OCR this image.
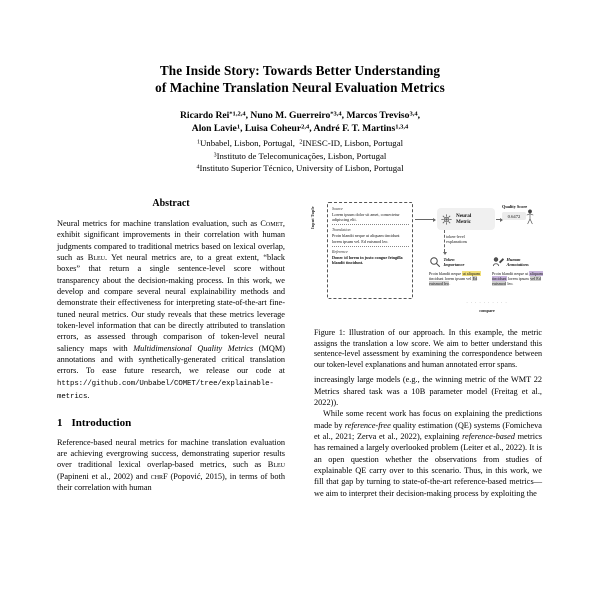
The Inside Story: Towards Better Understanding
of Machine Translation Neural Evaluation Metrics
Ricardo Rei$^{*1,2,4}$, Nuno M. Guerreiro$^{*3,4}$, Marcos Treviso$^{3,4}$,
Alon Lavie$^1$, Luisa Coheur$^{2,4}$, André F. T. Martins$^{1,3,4}$
$^1$Unbabel, Lisbon, Portugal, $^2$INESC-ID, Lisbon, Portugal
$^3$Instituto de Telecomunicações, Lisbon, Portugal
$^4$Instituto Superior Técnico, University of Lisbon, Portugal
Abstract

Neural metrics for machine translation evaluation, such as Comet, exhibit significant improvements in their correlation with human judgments compared to traditional metrics based on lexical overlap, such as Bleu. Yet neural metrics are, to a great extent, “black boxes” that return a single sentence-level score without transparency about the decision-making process. In this work, we develop and compare several neural explainability methods and demonstrate their effectiveness for interpreting state-of-the-art fine-tuned neural metrics. Our study reveals that these metrics leverage token-level information that can be directly attributed to translation errors, as assessed through comparison of token-level neural saliency maps with Multidimensional Quality Metrics (MQM) annotations and with synthetically-generated critical translation errors. To ease future research, we release our code at https://github.com/Unbabel/COMET/tree/explainable-metrics.

1 Introduction

Reference-based neural metrics for machine translation evaluation are achieving evergrowing success, demonstrating superior results over traditional lexical overlap-based metrics, such as Bleu (Papineni et al., 2002) and chrF (Popović, 2015), in terms of both their correlation with human

Input Tuple	Source
Lorem ipsum dolor sit amet, consectetur adipiscing elit.
Translation
Proin blandit neque ut aliquam tincidunt lorem ipsum vel. Ed euismod leo.
Reference
Donec id lorem in justo congue fringilla blandit tincidunt.
Neural
Metric
Quality Score
0.6472
token-level
explanations
Token
Importance
Proin blandit neque ut aliquam tincidunt lorem ipsum vel Ed euismod leo.
Human
Annotations
Proin blandit neque ut aliquam tincidunt lorem ipsum vel Ed euismod leo.
· · · · · · · · · ·
compare
Figure 1: Illustration of our approach. In this example, the metric assigns the translation a low score. We aim to better understand this sentence-level assessment by examining the correspondence between our token-level explanations and human annotated error spans.

increasingly large models (e.g., the winning metric of the WMT 22 Metrics shared task was a 10B parameter model (Freitag et al., 2022)).

While some recent work has focus on explaining the predictions made by reference-free quality estimation (QE) systems (Fomicheva et al., 2021; Zerva et al., 2022), explaining reference-based metrics has remained a largely overlooked problem (Leiter et al., 2022). It is an open question whether the observations from studies of explainable QE carry over to this scenario. Thus, in this work, we fill that gap by turning to state-of-the-art reference-based metrics—we aim to interpret their decision-making process by exploiting the
